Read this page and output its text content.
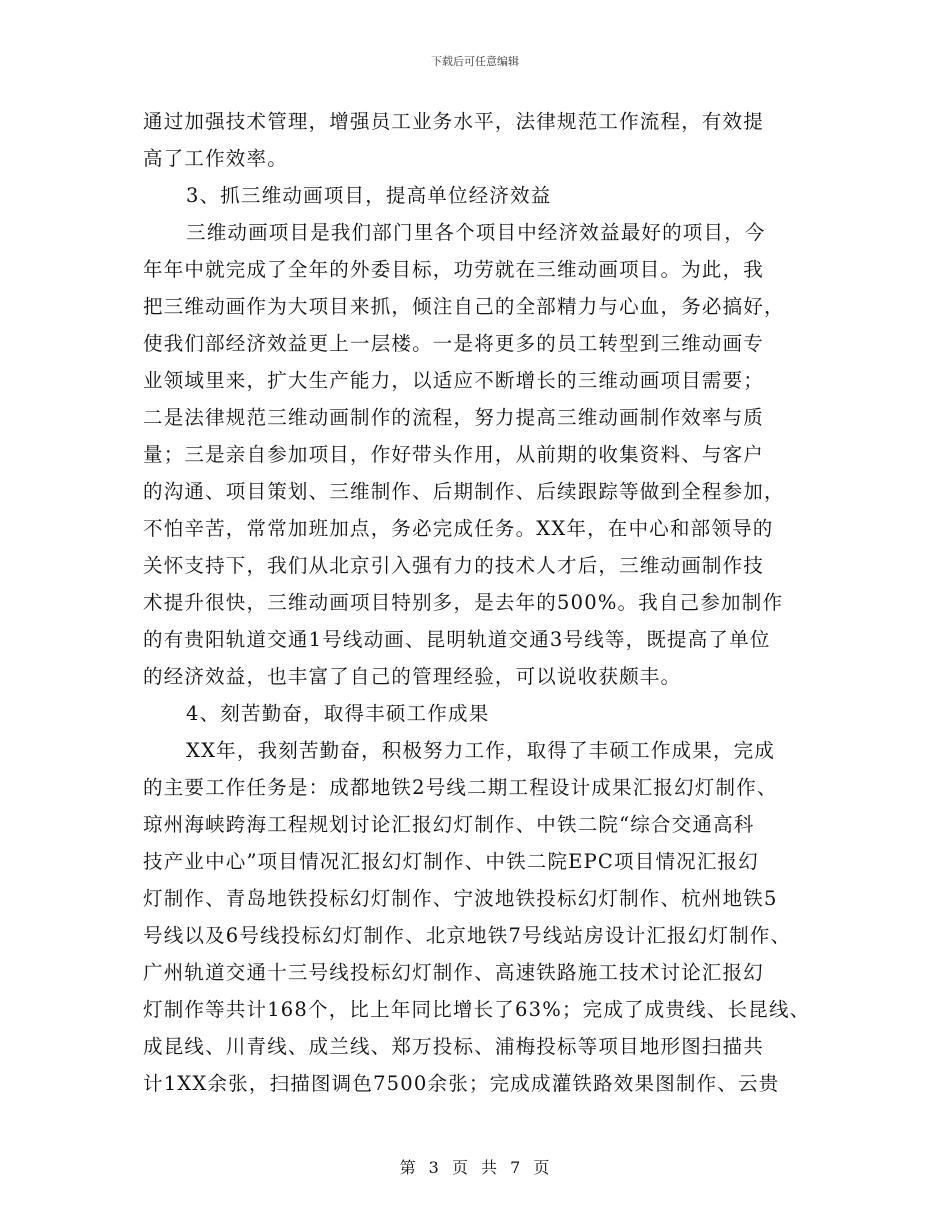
下载后可任意编辑
通过加强技术管理，增强员工业务水平，法律规范工作流程，有效提
高了工作效率。
3、抓三维动画项目，提高单位经济效益
三维动画项目是我们部门里各个项目中经济效益最好的项目，今
年年中就完成了全年的外委目标，功劳就在三维动画项目。为此，我
把三维动画作为大项目来抓，倾注自己的全部精力与心血，务必搞好，
使我们部经济效益更上一层楼。一是将更多的员工转型到三维动画专
业领域里来，扩大生产能力，以适应不断增长的三维动画项目需要；
二是法律规范三维动画制作的流程，努力提高三维动画制作效率与质
量；三是亲自参加项目，作好带头作用，从前期的收集资料、与客户
的沟通、项目策划、三维制作、后期制作、后续跟踪等做到全程参加，
不怕辛苦，常常加班加点，务必完成任务。XX年，在中心和部领导的
关怀支持下，我们从北京引入强有力的技术人才后，三维动画制作技
术提升很快，三维动画项目特别多，是去年的500%。我自己参加制作
的有贵阳轨道交通1号线动画、昆明轨道交通3号线等，既提高了单位
的经济效益，也丰富了自己的管理经验，可以说收获颇丰。
4、刻苦勤奋，取得丰硕工作成果
XX年，我刻苦勤奋，积极努力工作，取得了丰硕工作成果，完成
的主要工作任务是：成都地铁2号线二期工程设计成果汇报幻灯制作、
琼州海峡跨海工程规划讨论汇报幻灯制作、中铁二院“综合交通高科
技产业中心”项目情况汇报幻灯制作、中铁二院EPC项目情况汇报幻
灯制作、青岛地铁投标幻灯制作、宁波地铁投标幻灯制作、杭州地铁5
号线以及6号线投标幻灯制作、北京地铁7号线站房设计汇报幻灯制作、
广州轨道交通十三号线投标幻灯制作、高速铁路施工技术讨论汇报幻
灯制作等共计168个，比上年同比增长了63%；完成了成贵线、长昆线、
成昆线、川青线、成兰线、郑万投标、浦梅投标等项目地形图扫描共
计1XX余张，扫描图调色7500余张；完成成灌铁路效果图制作、云贵
第 3 页 共 7 页
